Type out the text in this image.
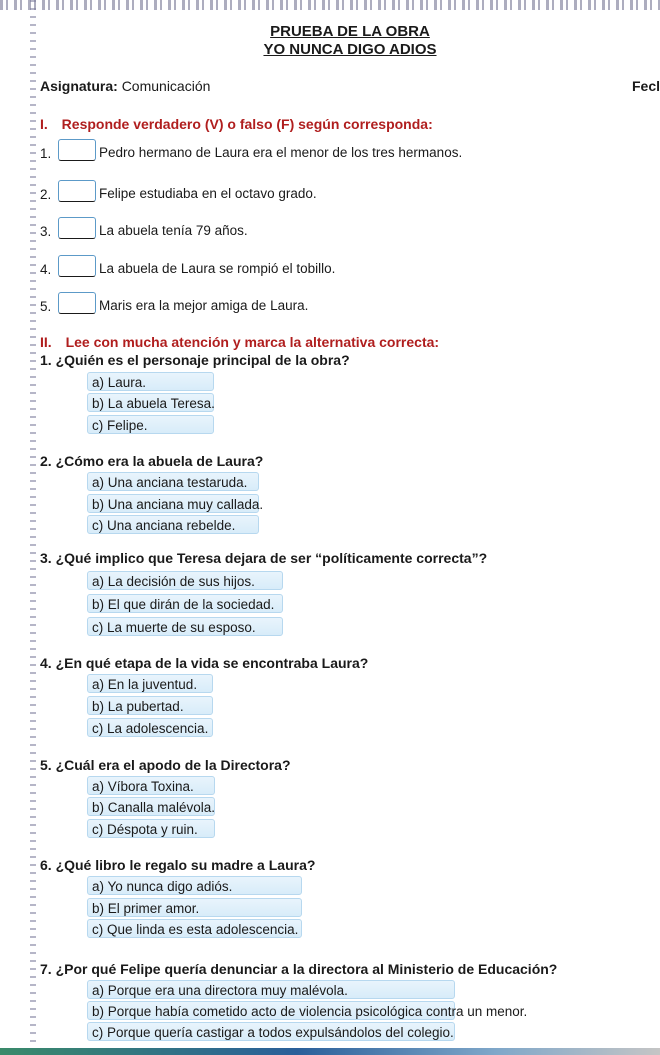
PRUEBA DE LA OBRA
YO NUNCA DIGO ADIOS
Asignatura: Comunicación	Fecl
I. Responde verdadero (V) o falso (F) según corresponda:
1.	Pedro hermano de Laura era el menor de los tres hermanos.
2.	Felipe estudiaba en el octavo grado.
3.	La abuela tenía 79 años.
4.	La abuela de Laura se rompió el tobillo.
5.	Maris era la mejor amiga de Laura.
II. Lee con mucha atención y marca la alternativa correcta:
1. ¿Quién es el personaje principal de la obra?
a) Laura.
b) La abuela Teresa.
c) Felipe.
2. ¿Cómo era la abuela de Laura?
a) Una anciana testaruda.
b) Una anciana muy callada.
c) Una anciana rebelde.
3. ¿Qué implico que Teresa dejara de ser “políticamente correcta”?
a) La decisión de sus hijos.
b) El que dirán de la sociedad.
c) La muerte de su esposo.
4. ¿En qué etapa de la vida se encontraba Laura?
a) En la juventud.
b) La pubertad.
c) La adolescencia.
5. ¿Cuál era el apodo de la Directora?
a) Víbora Toxina.
b) Canalla malévola.
c) Déspota y ruin.
6. ¿Qué libro le regalo su madre a Laura?
a) Yo nunca digo adiós.
b) El primer amor.
c) Que linda es esta adolescencia.
7. ¿Por qué Felipe quería denunciar a la directora al Ministerio de Educación?
a) Porque era una directora muy malévola.
b) Porque había cometido acto de violencia psicológica contra un menor.
c) Porque quería castigar a todos expulsándolos del colegio.
